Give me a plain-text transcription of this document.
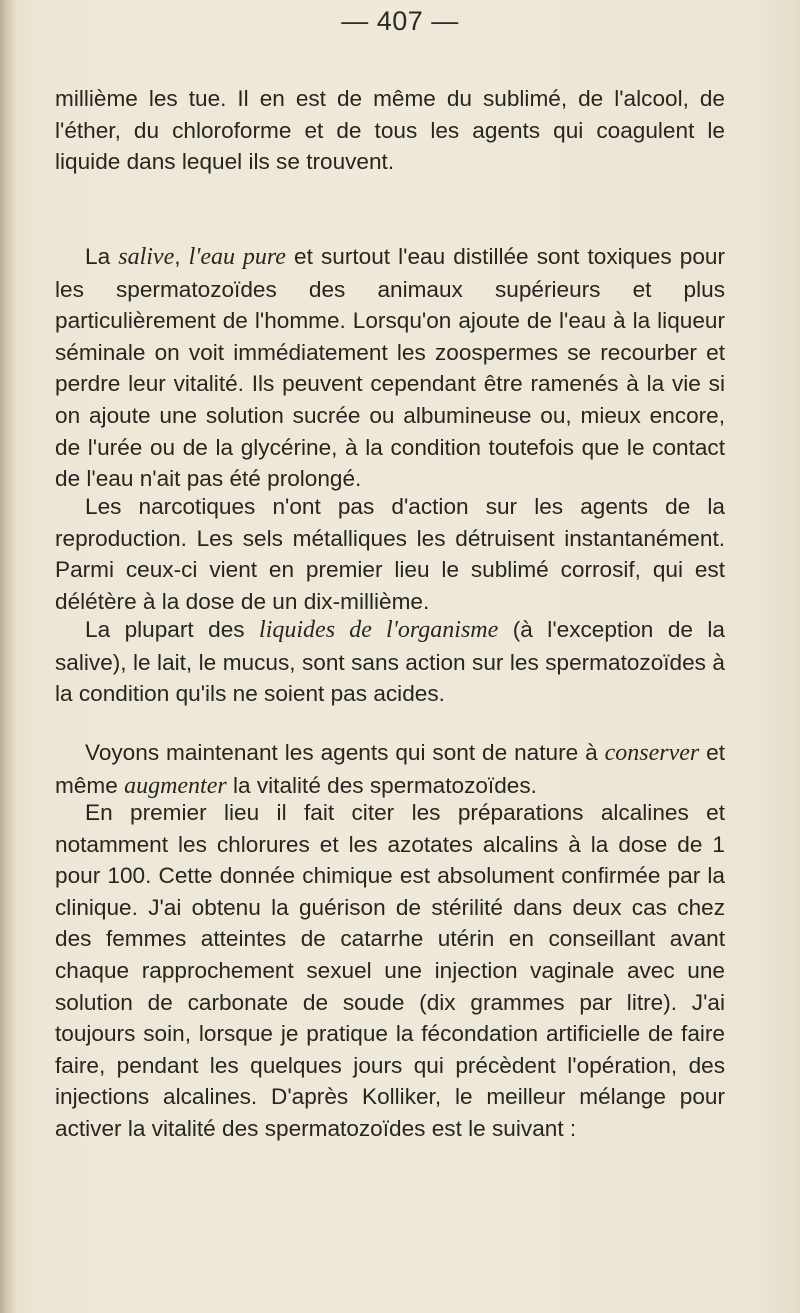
— 407 —

millième les tue. Il en est de même du sublimé, de l'alcool, de l'éther, du chloroforme et de tous les agents qui coagulent le liquide dans lequel ils se trouvent.

La salive, l'eau pure et surtout l'eau distillée sont toxiques pour les spermatozoïdes des animaux supérieurs et plus particulièrement de l'homme. Lorsqu'on ajoute de l'eau à la liqueur séminale on voit immédiatement les zoospermes se recourber et perdre leur vitalité. Ils peuvent cependant être ramenés à la vie si on ajoute une solution sucrée ou albumineuse ou, mieux encore, de l'urée ou de la glycérine, à la condition toutefois que le contact de l'eau n'ait pas été prolongé.

Les narcotiques n'ont pas d'action sur les agents de la reproduction. Les sels métalliques les détruisent instantanément. Parmi ceux-ci vient en premier lieu le sublimé corrosif, qui est délétère à la dose de un dix-millième.

La plupart des liquides de l'organisme (à l'exception de la salive), le lait, le mucus, sont sans action sur les spermatozoïdes à la condition qu'ils ne soient pas acides.

Voyons maintenant les agents qui sont de nature à conserver et même augmenter la vitalité des spermatozoïdes.

En premier lieu il fait citer les préparations alcalines et notamment les chlorures et les azotates alcalins à la dose de 1 pour 100. Cette donnée chimique est absolument confirmée par la clinique. J'ai obtenu la guérison de stérilité dans deux cas chez des femmes atteintes de catarrhe utérin en conseillant avant chaque rapprochement sexuel une injection vaginale avec une solution de carbonate de soude (dix grammes par litre). J'ai toujours soin, lorsque je pratique la fécondation artificielle de faire faire, pendant les quelques jours qui précèdent l'opération, des injections alcalines. D'après Kolliker, le meilleur mélange pour activer la vitalité des spermatozoïdes est le suivant :
